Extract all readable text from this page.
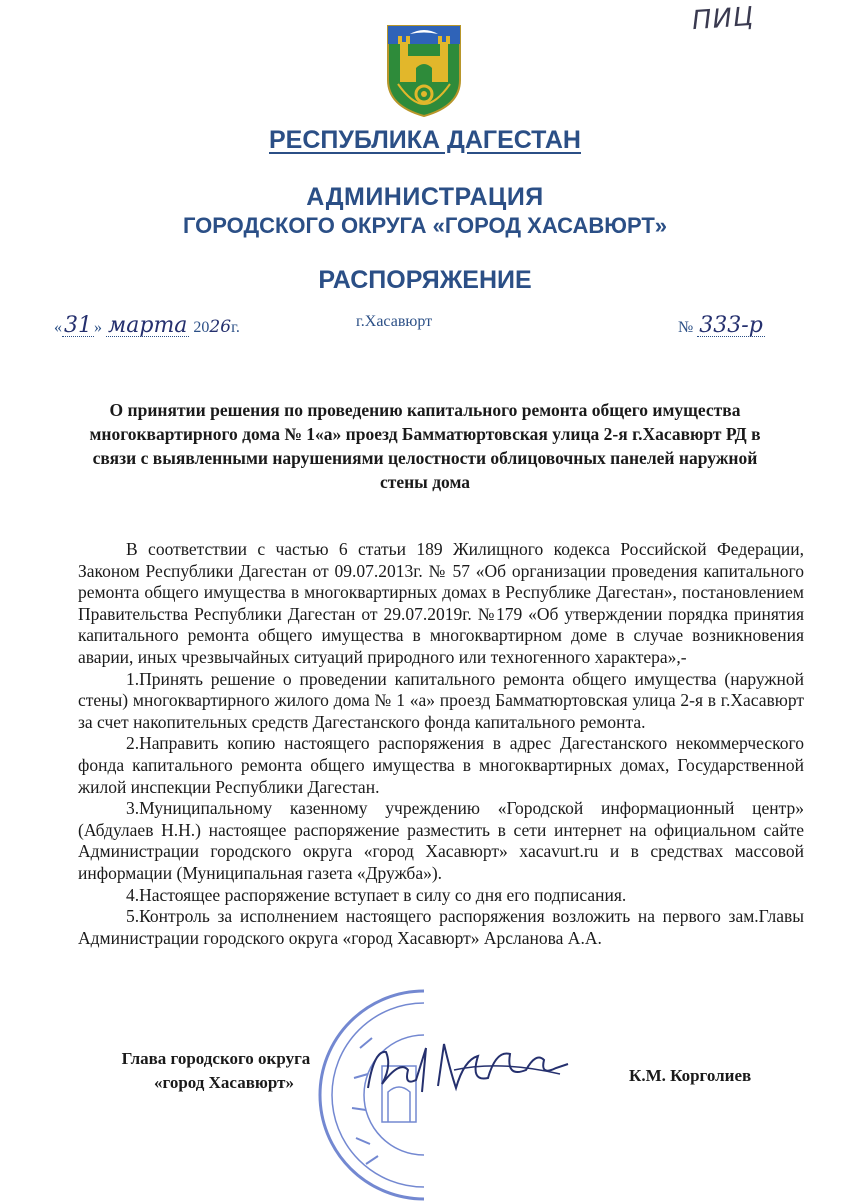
ПИЦ
РЕСПУБЛИКА ДАГЕСТАН
АДМИНИСТРАЦИЯ
ГОРОДСКОГО ОКРУГА «ГОРОД ХАСАВЮРТ»
РАСПОРЯЖЕНИЕ
«31 » марта 2026г.	г.Хасавюрт	№ 333-р
О принятии решения по проведению капитального ремонта общего имущества многоквартирного дома № 1«а» проезд Бамматюртовская улица 2-я г.Хасавюрт РД в связи с выявленными нарушениями целостности облицовочных панелей наружной стены дома

В соответствии с частью 6 статьи 189 Жилищного кодекса Российской Федерации, Законом Республики Дагестан от 09.07.2013г. № 57 «Об организации проведения капитального ремонта общего имущества в многоквартирных домах в Республике Дагестан», постановлением Правительства Республики Дагестан от 29.07.2019г. №179 «Об утверждении порядка принятия капитального ремонта общего имущества в многоквартирном доме в случае возникновения аварии, иных чрезвычайных ситуаций природного или техногенного характера»,-

1.Принять решение о проведении капитального ремонта общего имущества (наружной стены) многоквартирного жилого дома № 1 «а» проезд Бамматюртовская улица 2-я в г.Хасавюрт за счет накопительных средств Дагестанского фонда капитального ремонта.

2.Направить копию настоящего распоряжения в адрес Дагестанского некоммерческого фонда капитального ремонта общего имущества в многоквартирных домах, Государственной жилой инспекции Республики Дагестан.

3.Муниципальному казенному учреждению «Городской информационный центр» (Абдулаев Н.Н.) настоящее распоряжение разместить в сети интернет на официальном сайте Администрации городского округа «город Хасавюрт» xacavurt.ru и в средствах массовой информации (Муниципальная газета «Дружба»).

4.Настоящее распоряжение вступает в силу со дня его подписания.

5.Контроль за исполнением настоящего распоряжения возложить на первого зам.Главы Администрации городского округа «город Хасавюрт» Арсланова А.А.

Глава городского округа
«город Хасавюрт»	К.М. Корголиев
